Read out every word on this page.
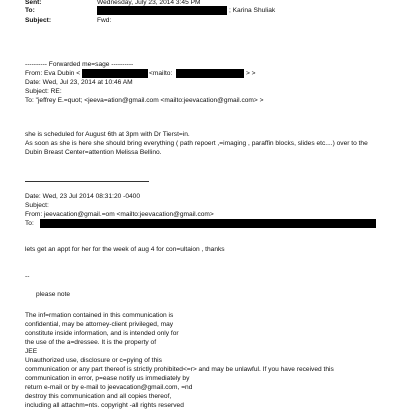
Sent:	Wednesday, July 23, 2014 3:45 PM
To:	; Karina Shuliak
Subject:	Fwd:
---------- Forwarded me=sage ----------
From: Eva Dubin <	<mailto:	> >
Date: Wed, Jul 23, 2014 at 10:46 AM
Subject: RE:
To: "jeffrey E.=quot; <jeeva=ation@gmail.com <mailto:jeevacation@gmail.com> >
she is scheduled for August 6th at 3pm with Dr Tierst=in.
As soon as she is here she should bring everything ( path repoert ,=imaging , paraffin blocks, slides etc....) over to the
Dubin Breast Center=attention Melissa Bellino.
Date: Wed, 23 Jul 2014 08:31:20 -0400
Subject:
From: jeevacation@gmail.=om <mailto:jeevacation@gmail.com>
To:
lets get an appt for her for the week of aug 4 for con=ultaion , thanks
--
please note
The inf=rmation contained in this communication is
confidential, may be attorney-client privileged, may
constitute inside information, and is intended only for
the use of the a=dressee. It is the property of
JEE
Unauthorized use, disclosure or c=pying of this
communication or any part thereof is strictly prohibited<=r> and may be unlawful. If you have received this
communication in error, p=ease notify us immediately by
return e-mail or by e-mail to jeevacation@gmail.com, =nd
destroy this communication and all copies thereof,
including all attachm=nts. copyright -all rights reserved
